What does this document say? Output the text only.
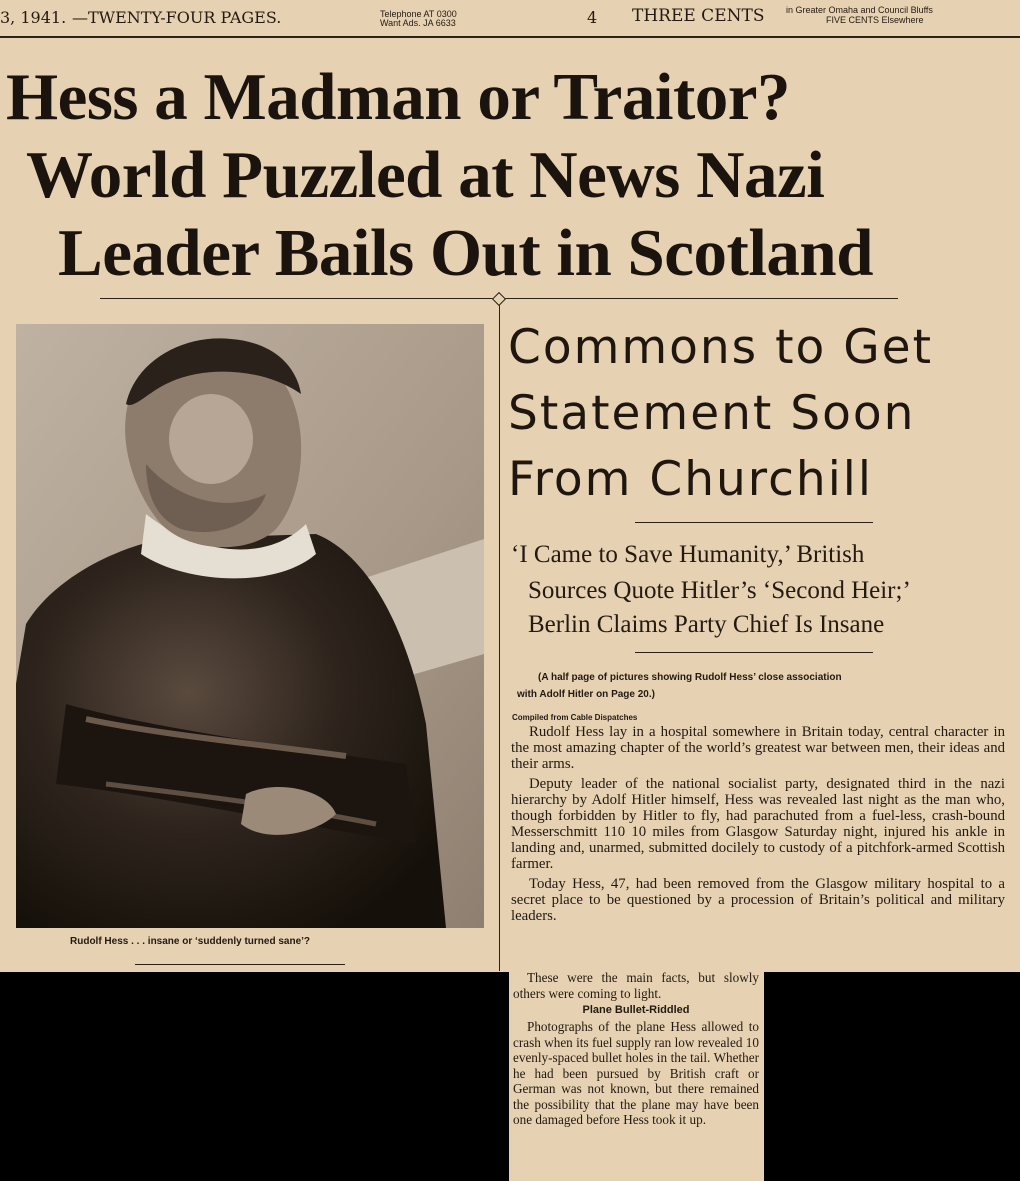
3, 1941. —TWENTY-FOUR PAGES.	Telephone AT 0300
Want Ads. JA 6633	4 THREE CENTS in Greater Omaha and Council Bluffs
FIVE CENTS Elsewhere
Hess a Madman or Traitor?
World Puzzled at News Nazi
Leader Bails Out in Scotland
Rudolf Hess . . . insane or ‘suddenly turned sane’?
Commons to Get
Statement Soon
From Churchill
‘I Came to Save Humanity,’ British
Sources Quote Hitler’s ‘Second Heir;’
Berlin Claims Party Chief Is Insane
(A half page of pictures showing Rudolf Hess’ close association
with Adolf Hitler on Page 20.)
Compiled from Cable Dispatches

Rudolf Hess lay in a hospital somewhere in Britain today, central character in the most amazing chapter of the world’s greatest war between men, their ideas and their arms.

Deputy leader of the national socialist party, designated third in the nazi hierarchy by Adolf Hitler himself, Hess was revealed last night as the man who, though forbidden by Hitler to fly, had parachuted from a fuel-less, crash-bound Messerschmitt 110 10 miles from Glasgow Saturday night, injured his ankle in landing and, unarmed, submitted docilely to custody of a pitchfork-armed Scottish farmer.

Today Hess, 47, had been removed from the Glasgow military hospital to a secret place to be questioned by a procession of Britain’s political and military leaders.

These were the main facts, but slowly others were coming to light.

Plane Bullet-Riddled

Photographs of the plane Hess allowed to crash when its fuel supply ran low revealed 10 evenly-spaced bullet holes in the tail. Whether he had been pursued by British craft or German was not known, but there remained the possibility that the plane may have been one damaged before Hess took it up.
